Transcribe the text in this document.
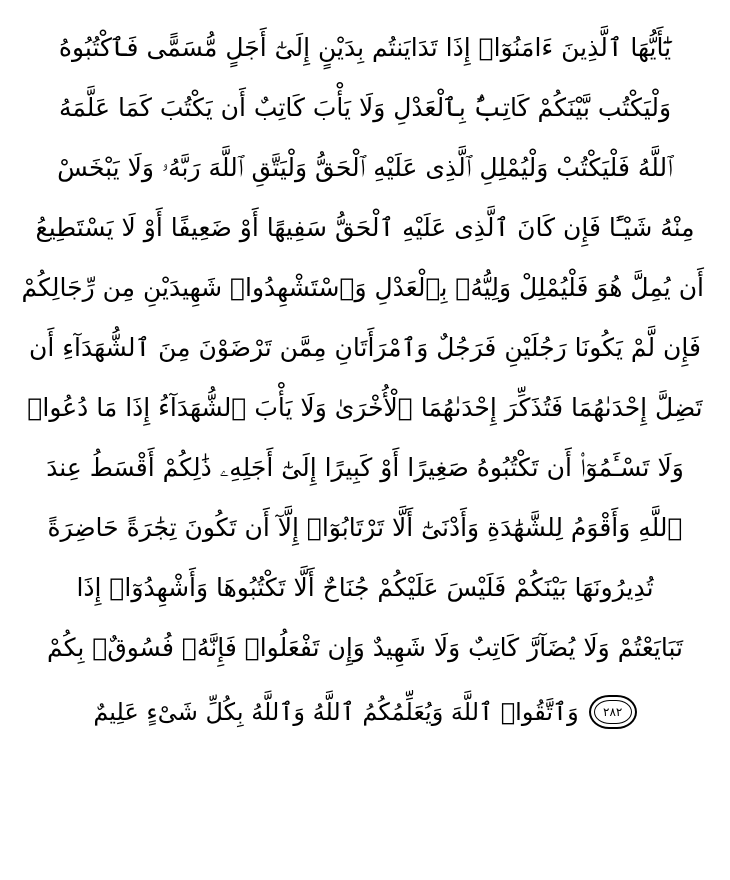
يَٰٓأَيُّهَا ٱلَّذِينَ ءَامَنُوٓا۟ إِذَا تَدَايَنتُم بِدَيْنٍ إِلَىٰٓ أَجَلٍ مُّسَمًّى فَٱكْتُبُوهُ
وَلْيَكْتُب بَّيْنَكُمْ كَاتِبٌۢ بِٱلْعَدْلِ وَلَا يَأْبَ كَاتِبٌ أَن يَكْتُبَ كَمَا عَلَّمَهُ
ٱللَّهُ فَلْيَكْتُبْ وَلْيُمْلِلِ ٱلَّذِى عَلَيْهِ ٱلْحَقُّ وَلْيَتَّقِ ٱللَّهَ رَبَّهُۥ وَلَا يَبْخَسْ
مِنْهُ شَيْـًٔا فَإِن كَانَ ٱلَّذِى عَلَيْهِ ٱلْحَقُّ سَفِيهًا أَوْ ضَعِيفًا أَوْ لَا يَسْتَطِيعُ
أَن يُمِلَّ هُوَ فَلْيُمْلِلْ وَلِيُّهُۥ بِٱلْعَدْلِ وَٱسْتَشْهِدُوا۟ شَهِيدَيْنِ مِن رِّجَالِكُمْ
فَإِن لَّمْ يَكُونَا رَجُلَيْنِ فَرَجُلٌ وَٱمْرَأَتَانِ مِمَّن تَرْضَوْنَ مِنَ ٱلشُّهَدَآءِ أَن
تَضِلَّ إِحْدَىٰهُمَا فَتُذَكِّرَ إِحْدَىٰهُمَا ٱلْأُخْرَىٰ وَلَا يَأْبَ ٱلشُّهَدَآءُ إِذَا مَا دُعُوا۟
وَلَا تَسْـَٔمُوٓا۟ أَن تَكْتُبُوهُ صَغِيرًا أَوْ كَبِيرًا إِلَىٰٓ أَجَلِهِۦ ذَٰلِكُمْ أَقْسَطُ عِندَ
ٱللَّهِ وَأَقْوَمُ لِلشَّهَٰدَةِ وَأَدْنَىٰٓ أَلَّا تَرْتَابُوٓا۟ إِلَّآ أَن تَكُونَ تِجَٰرَةً حَاضِرَةً
تُدِيرُونَهَا بَيْنَكُمْ فَلَيْسَ عَلَيْكُمْ جُنَاحٌ أَلَّا تَكْتُبُوهَا وَأَشْهِدُوٓا۟ إِذَا
تَبَايَعْتُمْ وَلَا يُضَآرَّ كَاتِبٌ وَلَا شَهِيدٌ وَإِن تَفْعَلُوا۟ فَإِنَّهُۥ فُسُوقٌۢ بِكُمْ
وَٱتَّقُوا۟ ٱللَّهَ وَيُعَلِّمُكُمُ ٱللَّهُ وَٱللَّهُ بِكُلِّ شَىْءٍ عَلِيمٌ ٢٨٢
